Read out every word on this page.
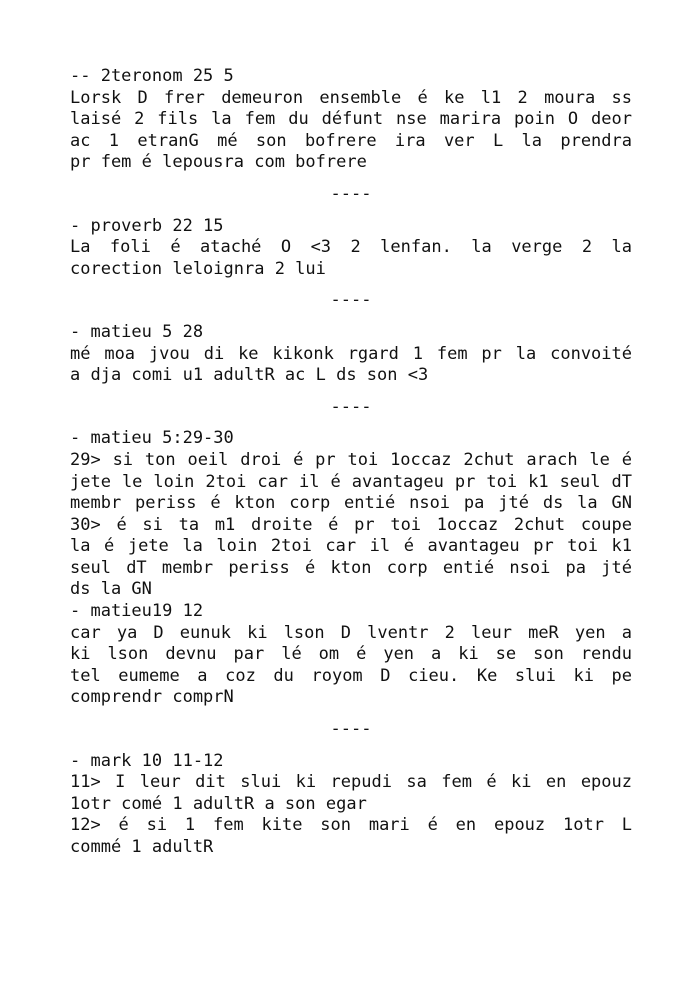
-- 2teronom 25 5
Lorsk D frer demeuron ensemble é ke l1 2 moura ss
laisé 2 fils la fem du défunt nse marira poin O deor
ac 1 etranG mé son bofrere ira ver L la prendra
pr fem é lepousra com bofrere
----
- proverb 22 15
La foli é ataché O <3 2 lenfan. la verge 2 la
corection leloignra 2 lui
----
- matieu 5 28
mé moa jvou di ke kikonk rgard 1 fem pr la convoité
a dja comi u1 adultR ac L ds son <3
----
- matieu 5:29-30
29> si ton oeil droi é pr toi 1occaz 2chut arach le é
jete le loin 2toi car il é avantageu pr toi k1 seul dT
membr periss é kton corp entié nsoi pa jté ds la GN
30> é si ta m1 droite é pr toi 1occaz 2chut coupe
la é jete la loin 2toi car il é avantageu pr toi k1
seul dT membr periss é kton corp entié nsoi pa jté
ds la GN
- matieu19 12
car ya D eunuk ki lson D lventr 2 leur meR yen a
ki lson devnu par lé om é yen a ki se son rendu
tel eumeme a coz du royom D cieu. Ke slui ki pe
comprendr comprN
----
- mark 10 11-12
11> I leur dit slui ki repudi sa fem é ki en epouz
1otr comé 1 adultR a son egar
12> é si 1 fem kite son mari é en epouz 1otr L
commé 1 adultR
